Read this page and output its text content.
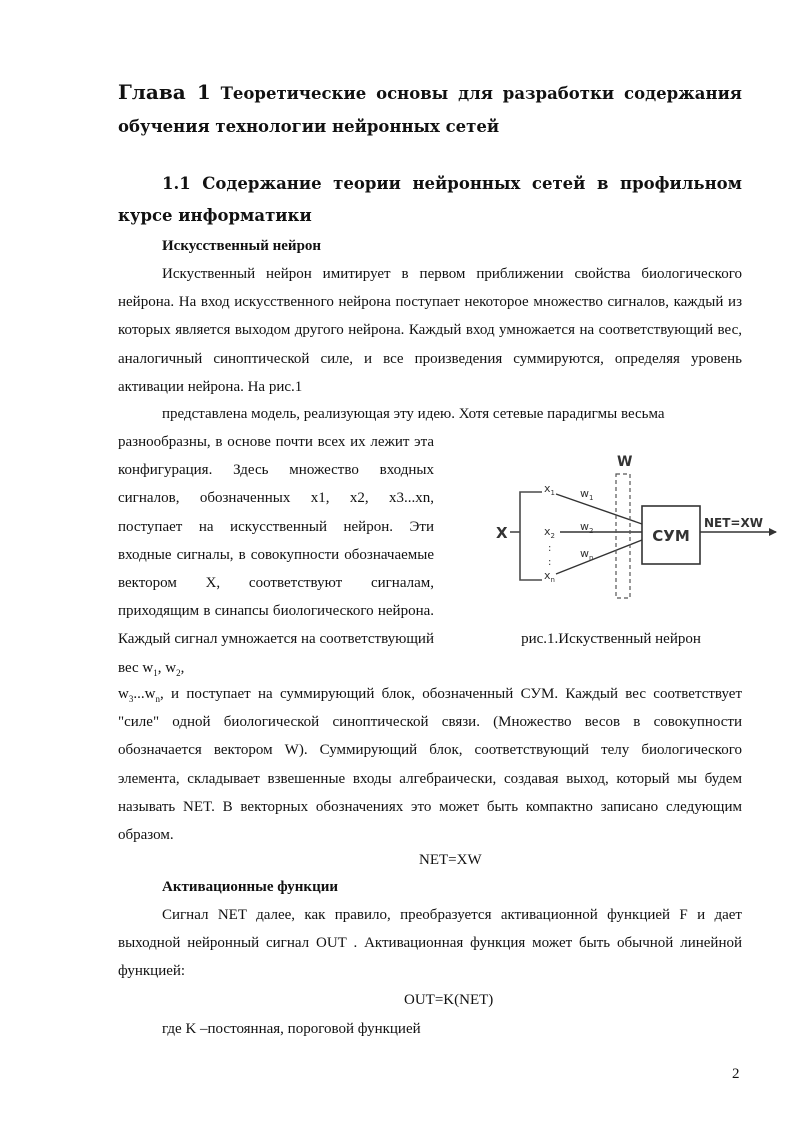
Глава 1 Теоретические основы для разработки содержания обучения технологии нейронных сетей
1.1 Содержание теории нейронных сетей в профильном курсе информатики
Искусственный нейрон

Искуственный нейрон имитирует в первом приближении свойства биологического нейрона. На вход искусственного нейрона поступает некоторое множество сигналов, каждый из которых является выходом другого нейрона. Каждый вход умножается на соответствующий вес, аналогичный синоптической силе, и все произведения суммируются, определяя уровень активации нейрона. На рис.1

представлена модель, реализующая эту идею. Хотя сетевые парадигмы весьма

разнообразны, в основе почти всех их лежит эта конфигурация. Здесь множество входных сигналов, обозначенных x1, x2, x3...xn, поступает на искусственный нейрон. Эти входные сигналы, в совокупности обозначаемые вектором X, соответствуют сигналам, приходящим в синапсы биологического нейрона. Каждый сигнал умножается на соответствующий вес $w_1$, $w_2$,

$w_3...w_n$, и поступает на суммирующий блок, обозначенный СУМ. Каждый вес соответствует "силе" одной биологической синоптической связи. (Множество весов в совокупности обозначается вектором W). Суммирующий блок, соответствующий телу биологического элемента, складывает взвешенные входы алгебраически, создавая выход, который мы будем называть NET. В векторных обозначениях это может быть компактно записано следующим образом.

NET=XW

Активационные функции

Сигнал NET далее, как правило, преобразуется активационной функцией F и дает выходной нейронный сигнал OUT . Активационная функция может быть обычной линейной функцией:

OUT=K(NET)

где K –постоянная, пороговой функцией

X
$x_1$
$x_2$
:
:
$x_n$
$w_1$
$w_2$
$w_n$
W
СУМ
NET=XW

рис.1.Искуственный нейрон

2
